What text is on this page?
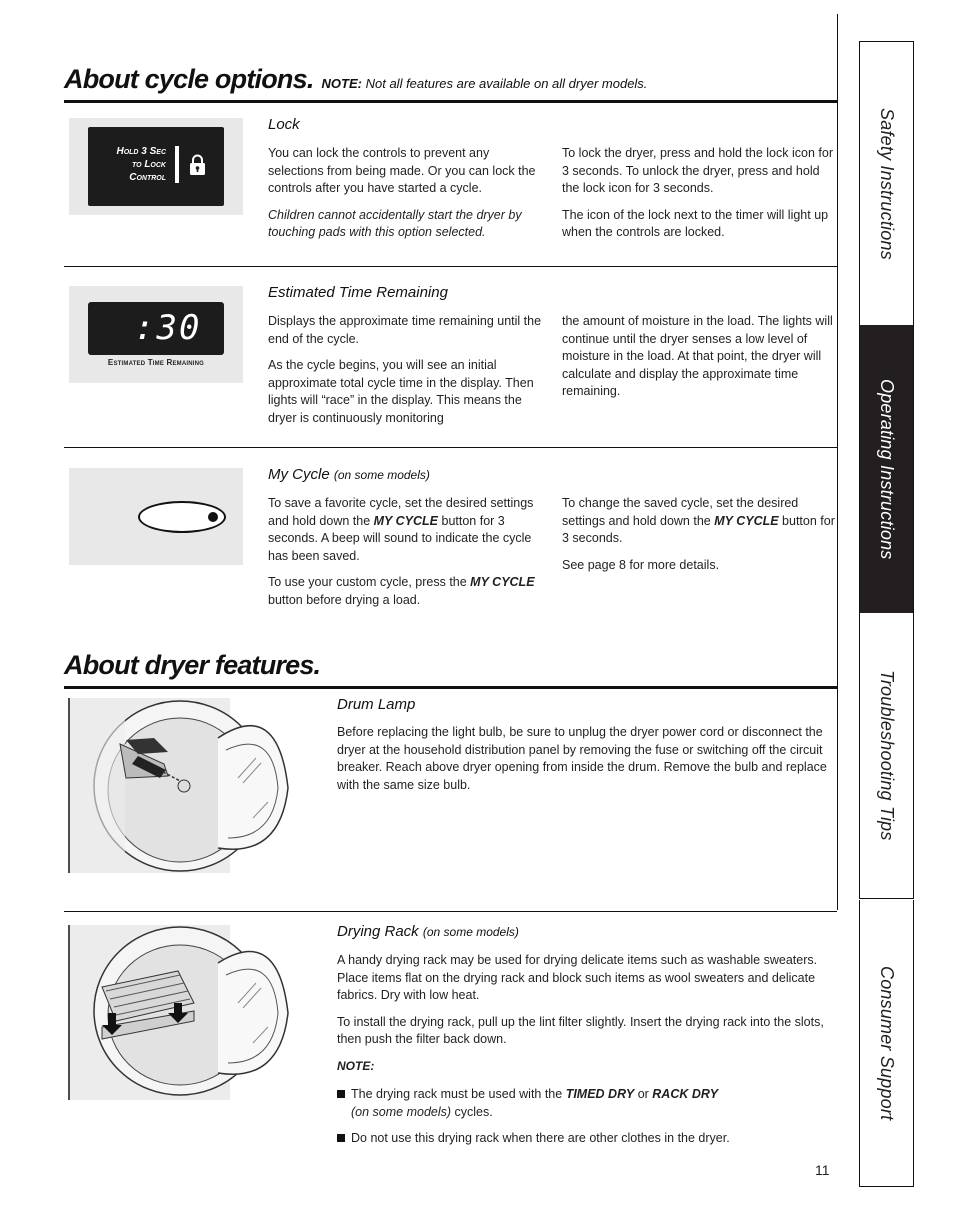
About cycle options. NOTE: Not all features are available on all dryer models.
Hold 3 Sec
to Lock
Control
Lock

You can lock the controls to prevent any selections from being made. Or you can lock the controls after you have started a cycle.

Children cannot accidentally start the dryer by touching pads with this option selected.

To lock the dryer, press and hold the lock icon for 3 seconds. To unlock the dryer, press and hold the lock icon for 3 seconds.

The icon of the lock next to the timer will light up when the controls are locked.

:30
Estimated Time Remaining
Estimated Time Remaining

Displays the approximate time remaining until the end of the cycle.

As the cycle begins, you will see an initial approximate total cycle time in the display. Then lights will “race” in the display. This means the dryer is continuously monitoring

the amount of moisture in the load. The lights will continue until the dryer senses a low level of moisture in the load. At that point, the dryer will calculate and display the approximate time remaining.

My Cycle (on some models)

To save a favorite cycle, set the desired settings and hold down the MY CYCLE button for 3 seconds. A beep will sound to indicate the cycle has been saved.

To use your custom cycle, press the MY CYCLE button before drying a load.

To change the saved cycle, set the desired settings and hold down the MY CYCLE button for 3 seconds.

See page 8 for more details.

About dryer features.
Drum Lamp

Before replacing the light bulb, be sure to unplug the dryer power cord or disconnect the dryer at the household distribution panel by removing the fuse or switching off the circuit breaker. Reach above dryer opening from inside the drum. Remove the bulb and replace with the same size bulb.

Drying Rack (on some models)

A handy drying rack may be used for drying delicate items such as washable sweaters. Place items flat on the drying rack and block such items as wool sweaters and delicate fabrics. Dry with low heat.

To install the drying rack, pull up the lint filter slightly. Insert the drying rack into the slots, then push the filter back down.

NOTE:

The drying rack must be used with the TIMED DRY or RACK DRY
(on some models) cycles.

Do not use this drying rack when there are other clothes in the dryer.

11
Safety Instructions
Operating Instructions
Troubleshooting Tips
Consumer Support
